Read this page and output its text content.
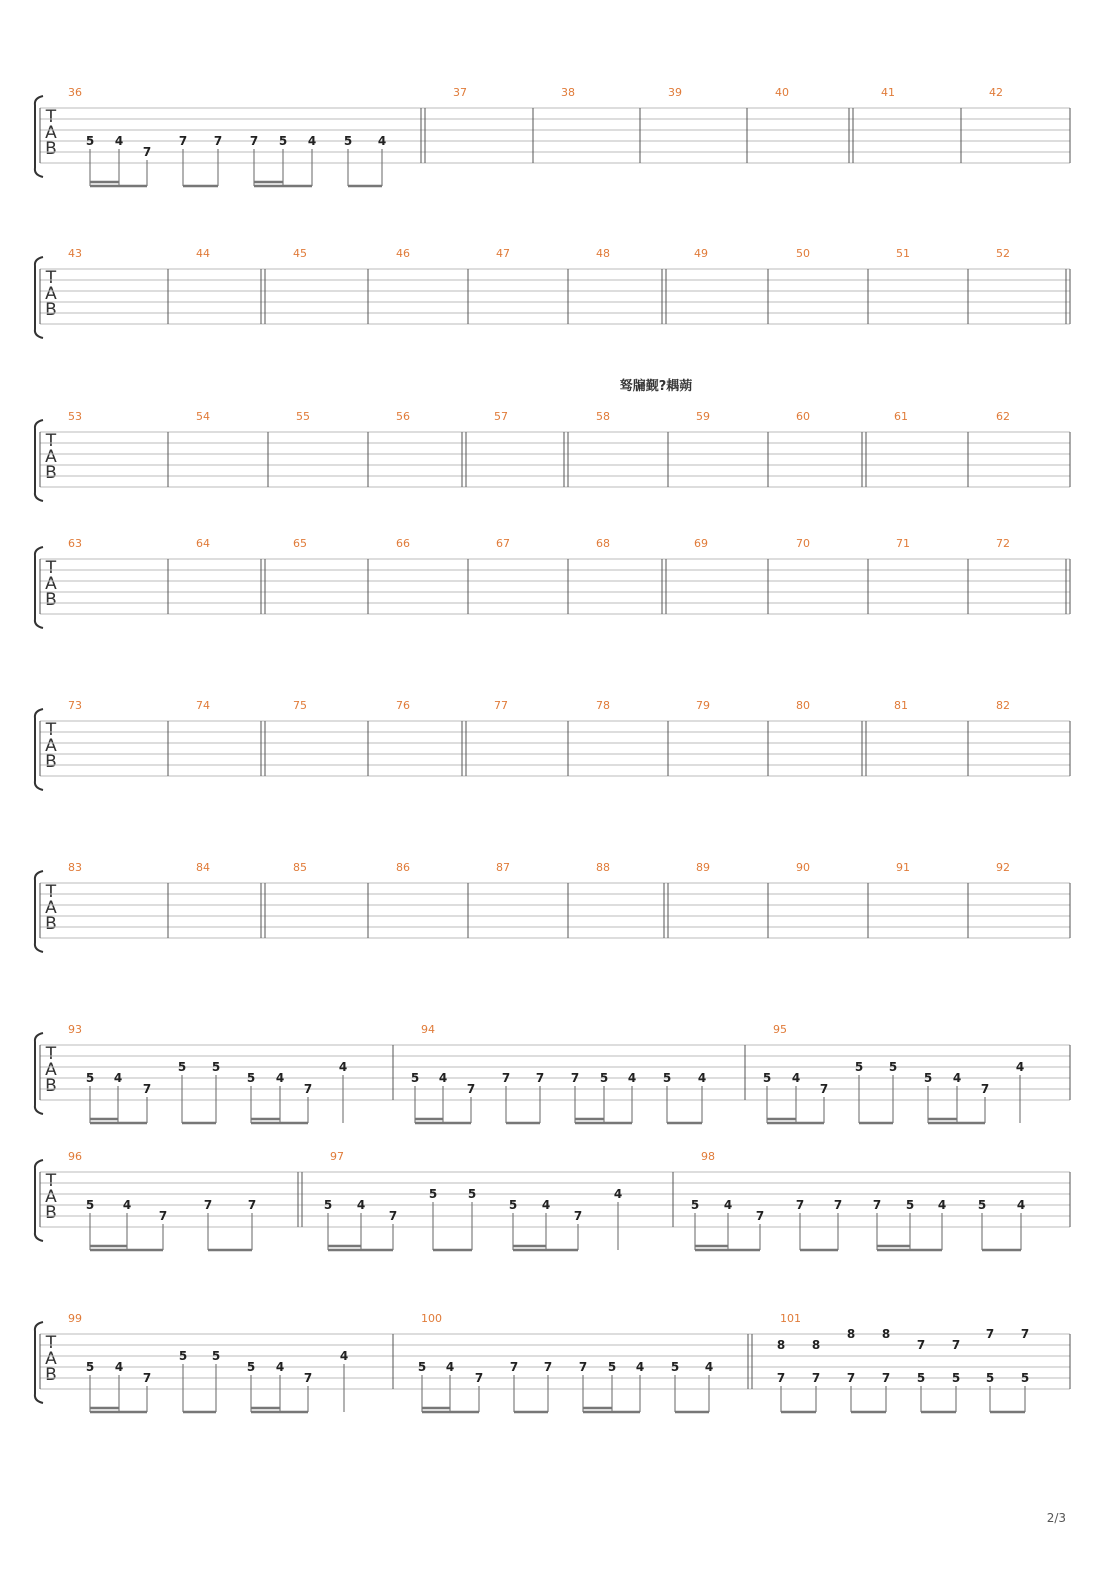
驽牖觐?耦蒴
T
A
B
36
5 4
7
7 7 7 5 4 5 4
37	38	39	40	41	42
T
A
B
43	44	45	46	47	48	49	50	51	52
T
A
B
53	54	55	56	57	58	59	60	61	62
T
A
B
63	64	65	66	67	68	69	70	71	72
T
A
B
73	74	75	76	77	78	79	80	81	82
T
A
B
83	84	85	86	87	88	89	90	91	92
T
A
B
93
5 4
7
5 5
5 4
7
4
94
5 4
7
7 7 7 5 4 5 4
95
5 4
7
5 5
5 4
7
4
T
A
B
96
5 4
7
7	7
97
5 4
7
5	5
5 4
7
4
98
5 4
7
7 7	7 5 4	5	4
T
A
B
99
5 4
7
5 5
5 4
7
4
100
5 4
7
7 7 7 5 4 5 4
101
8
7
8
7
8
7
8
7
7
5
7
5
7
5
7
5
2/3
